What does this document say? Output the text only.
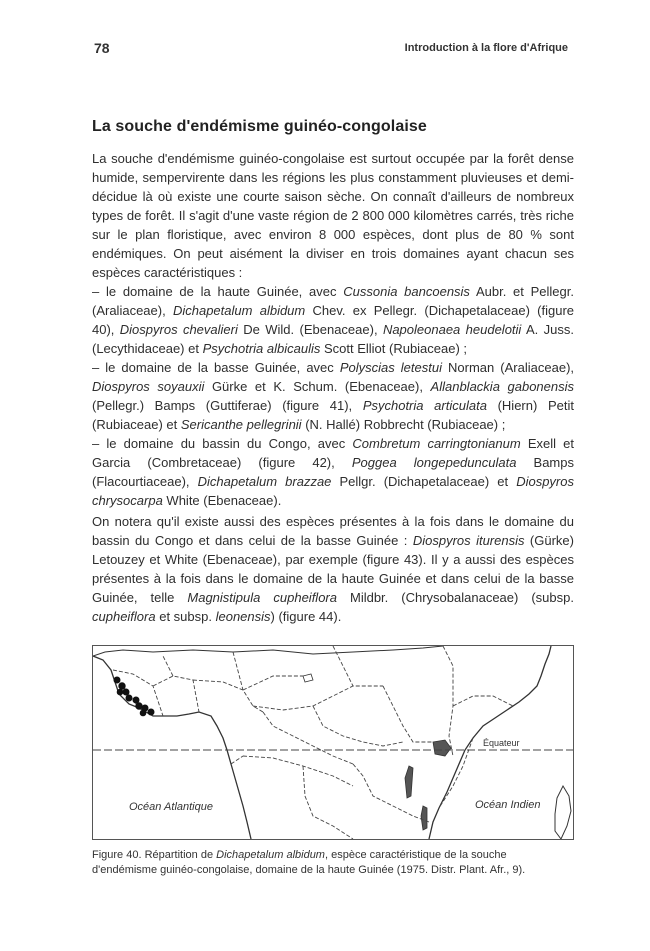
78	Introduction à la flore d'Afrique
La souche d'endémisme guinéo-congolaise

La souche d'endémisme guinéo-congolaise est surtout occupée par la forêt dense humide, sempervirente dans les régions les plus constamment pluvieuses et demi-décidue là où existe une courte saison sèche. On connaît d'ailleurs de nombreux types de forêt. Il s'agit d'une vaste région de 2 800 000 kilomètres carrés, très riche sur le plan floristique, avec environ 8 000 espèces, dont plus de 80 % sont endémiques. On peut aisément la diviser en trois domaines ayant chacun ses espèces caractéristiques :

– le domaine de la haute Guinée, avec Cussonia bancoensis Aubr. et Pellegr. (Araliaceae), Dichapetalum albidum Chev. ex Pellegr. (Dichapetalaceae) (figure 40), Diospyros chevalieri De Wild. (Ebenaceae), Napoleonaea heudelotii A. Juss. (Lecythidaceae) et Psychotria albicaulis Scott Elliot (Rubiaceae) ;

– le domaine de la basse Guinée, avec Polyscias letestui Norman (Araliaceae), Diospyros soyauxii Gürke et K. Schum. (Ebenaceae), Allanblackia gabonensis (Pellegr.) Bamps (Guttiferae) (figure 41), Psychotria articulata (Hiern) Petit (Rubiaceae) et Sericanthe pellegrinii (N. Hallé) Robbrecht (Rubiaceae) ;

– le domaine du bassin du Congo, avec Combretum carringtonianum Exell et Garcia (Combretaceae) (figure 42), Poggea longepedunculata Bamps (Flacourtiaceae), Dichapetalum brazzae Pellgr. (Dichapetalaceae) et Diospyros chrysocarpa White (Ebenaceae).

On notera qu'il existe aussi des espèces présentes à la fois dans le domaine du bassin du Congo et dans celui de la basse Guinée : Diospyros iturensis (Gürke) Letouzey et White (Ebenaceae), par exemple (figure 43). Il y a aussi des espèces présentes à la fois dans le domaine de la haute Guinée et dans celui de la basse Guinée, telle Magnistipula cupheiflora Mildbr. (Chrysobalanaceae) (subsp. cupheiflora et subsp. leonensis) (figure 44).

Océan Atlantique	Océan Indien
Équateur

Figure 40. Répartition de Dichapetalum albidum, espèce caractéristique de la souche d'endémisme guinéo-congolaise, domaine de la haute Guinée (1975. Distr. Plant. Afr., 9).
